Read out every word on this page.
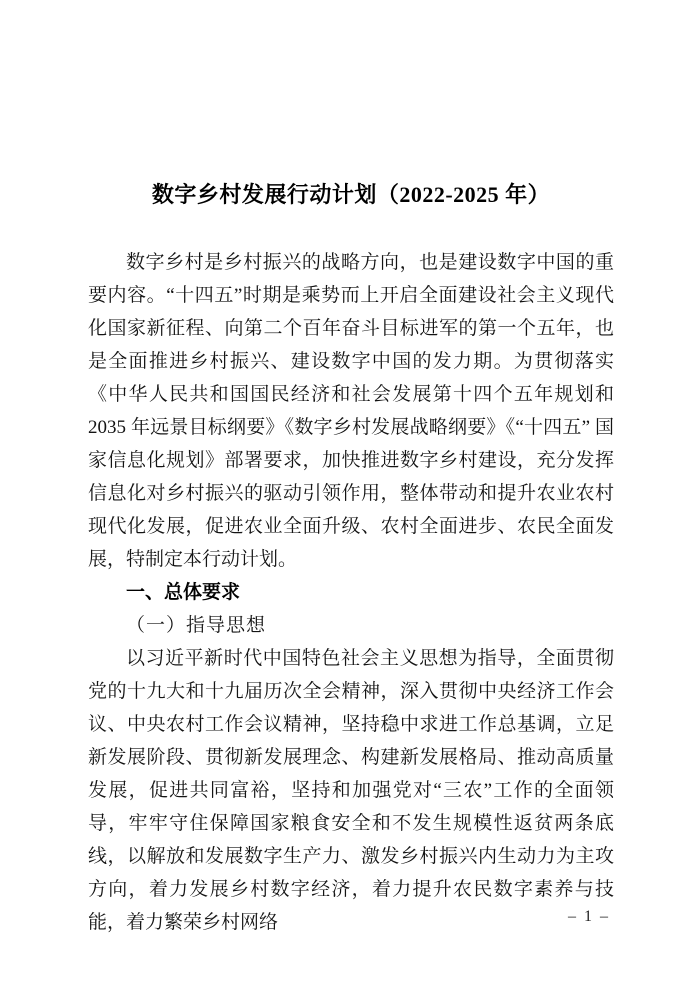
数字乡村发展行动计划（2022-2025 年）
数字乡村是乡村振兴的战略方向，也是建设数字中国的重要内容。“十四五”时期是乘势而上开启全面建设社会主义现代化国家新征程、向第二个百年奋斗目标进军的第一个五年，也是全面推进乡村振兴、建设数字中国的发力期。为贯彻落实《中华人民共和国国民经济和社会发展第十四个五年规划和 2035 年远景目标纲要》《数字乡村发展战略纲要》《“十四五” 国家信息化规划》部署要求，加快推进数字乡村建设，充分发挥信息化对乡村振兴的驱动引领作用，整体带动和提升农业农村现代化发展，促进农业全面升级、农村全面进步、农民全面发展，特制定本行动计划。
一、总体要求
（一）指导思想
以习近平新时代中国特色社会主义思想为指导，全面贯彻党的十九大和十九届历次全会精神，深入贯彻中央经济工作会议、中央农村工作会议精神，坚持稳中求进工作总基调，立足新发展阶段、贯彻新发展理念、构建新发展格局、推动高质量发展，促进共同富裕，坚持和加强党对“三农”工作的全面领导，牢牢守住保障国家粮食安全和不发生规模性返贫两条底线，以解放和发展数字生产力、激发乡村振兴内生动力为主攻方向，着力发展乡村数字经济，着力提升农民数字素养与技能，着力繁荣乡村网络	– 1 –
